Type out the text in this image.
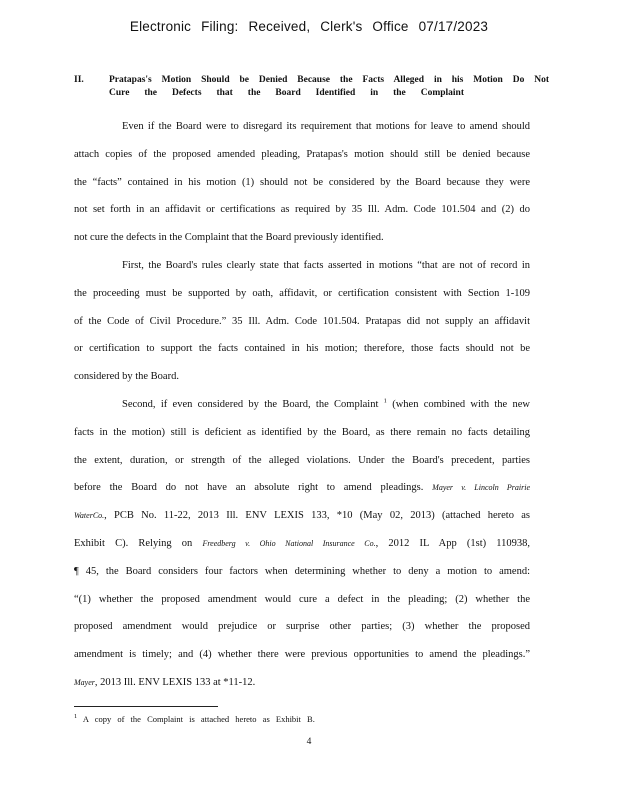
Electronic Filing: Received, Clerk's Office 07/17/2023
II.	Pratapas's Motion Should be Denied Because the Facts Alleged in his Motion Do Not
Cure the Defects that the Board Identified in the Complaint
Even if the Board were to disregard its requirement that motions for leave to amend should
attach copies of the proposed amended pleading, Pratapas's motion should still be denied because
the “facts” contained in his motion (1) should not be considered by the Board because they were
not set forth in an affidavit or certifications as required by 35 Ill. Adm. Code 101.504 and (2) do
not cure the defects in the Complaint that the Board previously identified.
First, the Board's rules clearly state that facts asserted in motions “that are not of record in
the proceeding must be supported by oath, affidavit, or certification consistent with Section 1-109
of the Code of Civil Procedure.” 35 Ill. Adm. Code 101.504. Pratapas did not supply an affidavit
or certification to support the facts contained in his motion; therefore, those facts should not be
considered by the Board.
Second, if even considered by the Board, the Complaint $^1$ (when combined with the new
facts in the motion) still is deficient as identified by the Board, as there remain no facts detailing
the extent, duration, or strength of the alleged violations. Under the Board's precedent, parties
before the Board do not have an absolute right to amend pleadings. Mayer v. Lincoln Prairie
WaterCo., PCB No. 11-22, 2013 Ill. ENV LEXIS 133, *10 (May 02, 2013) (attached hereto as
Exhibit C). Relying on Freedberg v. Ohio National Insurance Co., 2012 IL App (1st) 110938,
¶ 45, the Board considers four factors when determining whether to deny a motion to amend:
“(1) whether the proposed amendment would cure a defect in the pleading; (2) whether the
proposed amendment would prejudice or surprise other parties; (3) whether the proposed
amendment is timely; and (4) whether there were previous opportunities to amend the pleadings.”
Mayer, 2013 Ill. ENV LEXIS 133 at *11-12.
$^1$ A copy of the Complaint is attached hereto as Exhibit B.
4
